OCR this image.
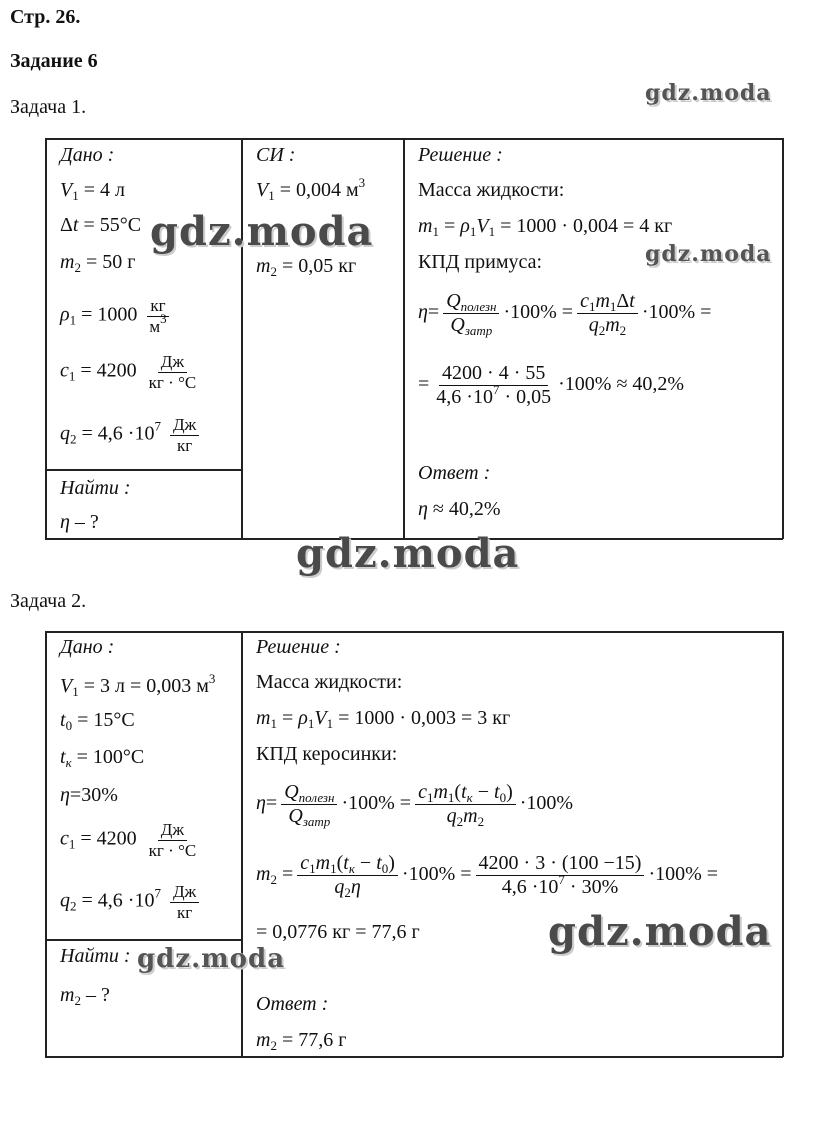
Стр. 26.
Задание 6
Задача 1.
gdz.moda
Дано :
$V_1 = 4$ л
Δt = 55°C
$m_2 = 50$ г
$\rho_1 = 1000 \frac{кг}{м^3}$
$c_1 = 4200 \frac{Дж}{кг \cdot ^\circ C}$
$q_2 = 4,6 \cdot 10^7 \frac{Дж}{кг}$
Найти :
η – ?
СИ :
$V_1 = 0,004$ $м^3$
$m_2 = 0,05$ кг
Решение :
Масса жидкости:
$m_1 = \rho_1V_1 = 1000 \cdot 0,004 = 4$ кг
КПД примуса:
$\eta= \frac{Q_{полезн}}{Q_{затр}} \cdot 100\% = \frac{c_1m_1\Delta t}{q_2m_2} \cdot 100\%$ =
= $\frac{4200 \cdot 4 \cdot 55}{4,6 \cdot 10^7 \cdot 0,05} \cdot 100\% \approx 40,2\%$
Ответ :
η ≈ 40,2%
gdz.moda	gdz.moda
gdz.moda
Задача 2.
Дано :
$V_1 = 3$ л = 0,003 $м^3$
$t_0 = 15^\circ C$
$t_к = 100^\circ C$
η=30%
$c_1 = 4200 \frac{Дж}{кг \cdot ^\circ C}$
$q_2 = 4,6 \cdot 10^7 \frac{Дж}{кг}$
Найти :
$m_2$ – ?
Решение :
Масса жидкости:
$m_1 = \rho_1V_1 = 1000 \cdot 0,003 = 3$ кг
КПД керосинки:
$\eta= \frac{Q_{полезн}}{Q_{затр}} \cdot 100\% = \frac{c_1m_1(t_к - t_0)}{q_2m_2} \cdot 100\%$
$m_2 = \frac{c_1m_1(t_к - t_0)}{q_2\eta} \cdot 100\% = \frac{4200 \cdot 3 \cdot (100 -15)}{4,6 \cdot 10^7 \cdot 30\%} \cdot 100\%$ =
= 0,0776 кг = 77,6 г
Ответ :
$m_2 = 77,6$ г
gdz.moda
gdz.moda
